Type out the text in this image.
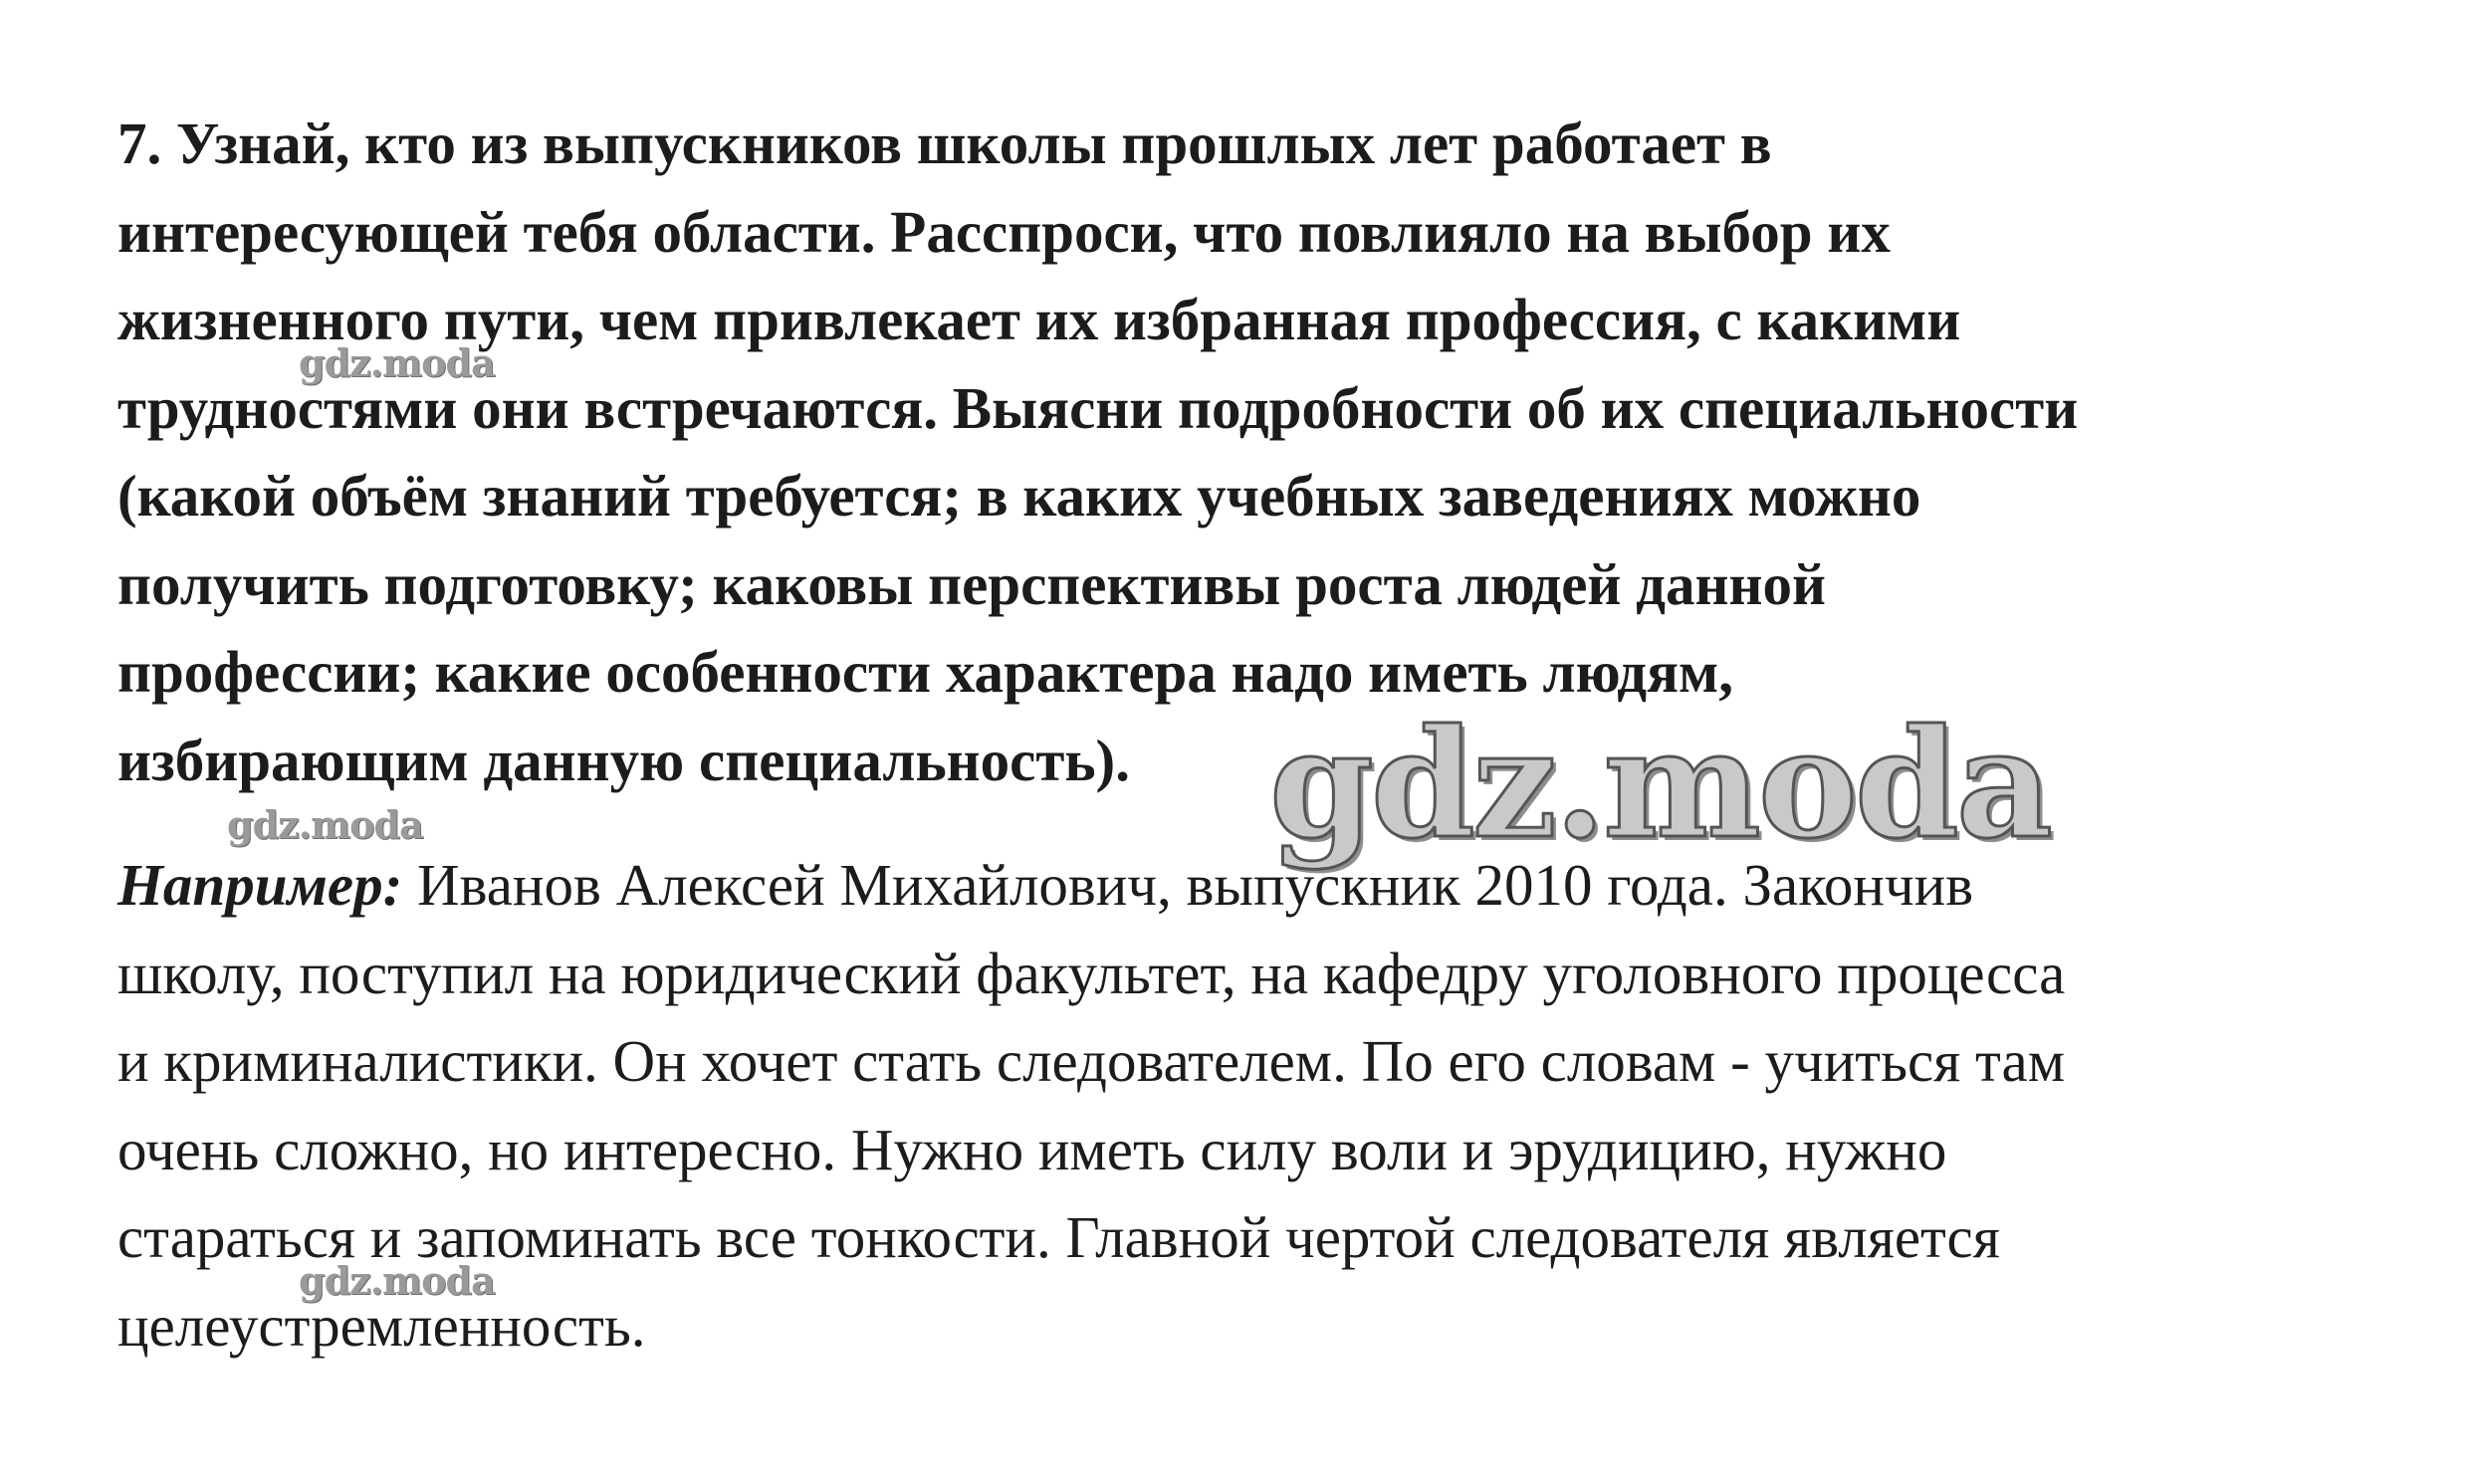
7. Узнай, кто из выпускников школы прошлых лет работает в
интересующей тебя области. Расспроси, что повлияло на выбор их
жизненного пути, чем привлекает их избранная профессия, с какими
трудностями они встречаются. Выясни подробности об их специальности
(какой объём знаний требуется; в каких учебных заведениях можно
получить подготовку; каковы перспективы роста людей данной
профессии; какие особенности характера надо иметь людям,
избирающим данную специальность).

Например: Иванов Алексей Михайлович, выпускник 2010 года. Закончив
школу, поступил на юридический факультет, на кафедру уголовного процесса
и криминалистики. Он хочет стать следователем. По его словам - учиться там
очень сложно, но интересно. Нужно иметь силу воли и эрудицию, нужно
стараться и запоминать все тонкости. Главной чертой следователя является
целеустремленность.

gdz.moda
gdz.moda
gdz.moda
gdz.moda
